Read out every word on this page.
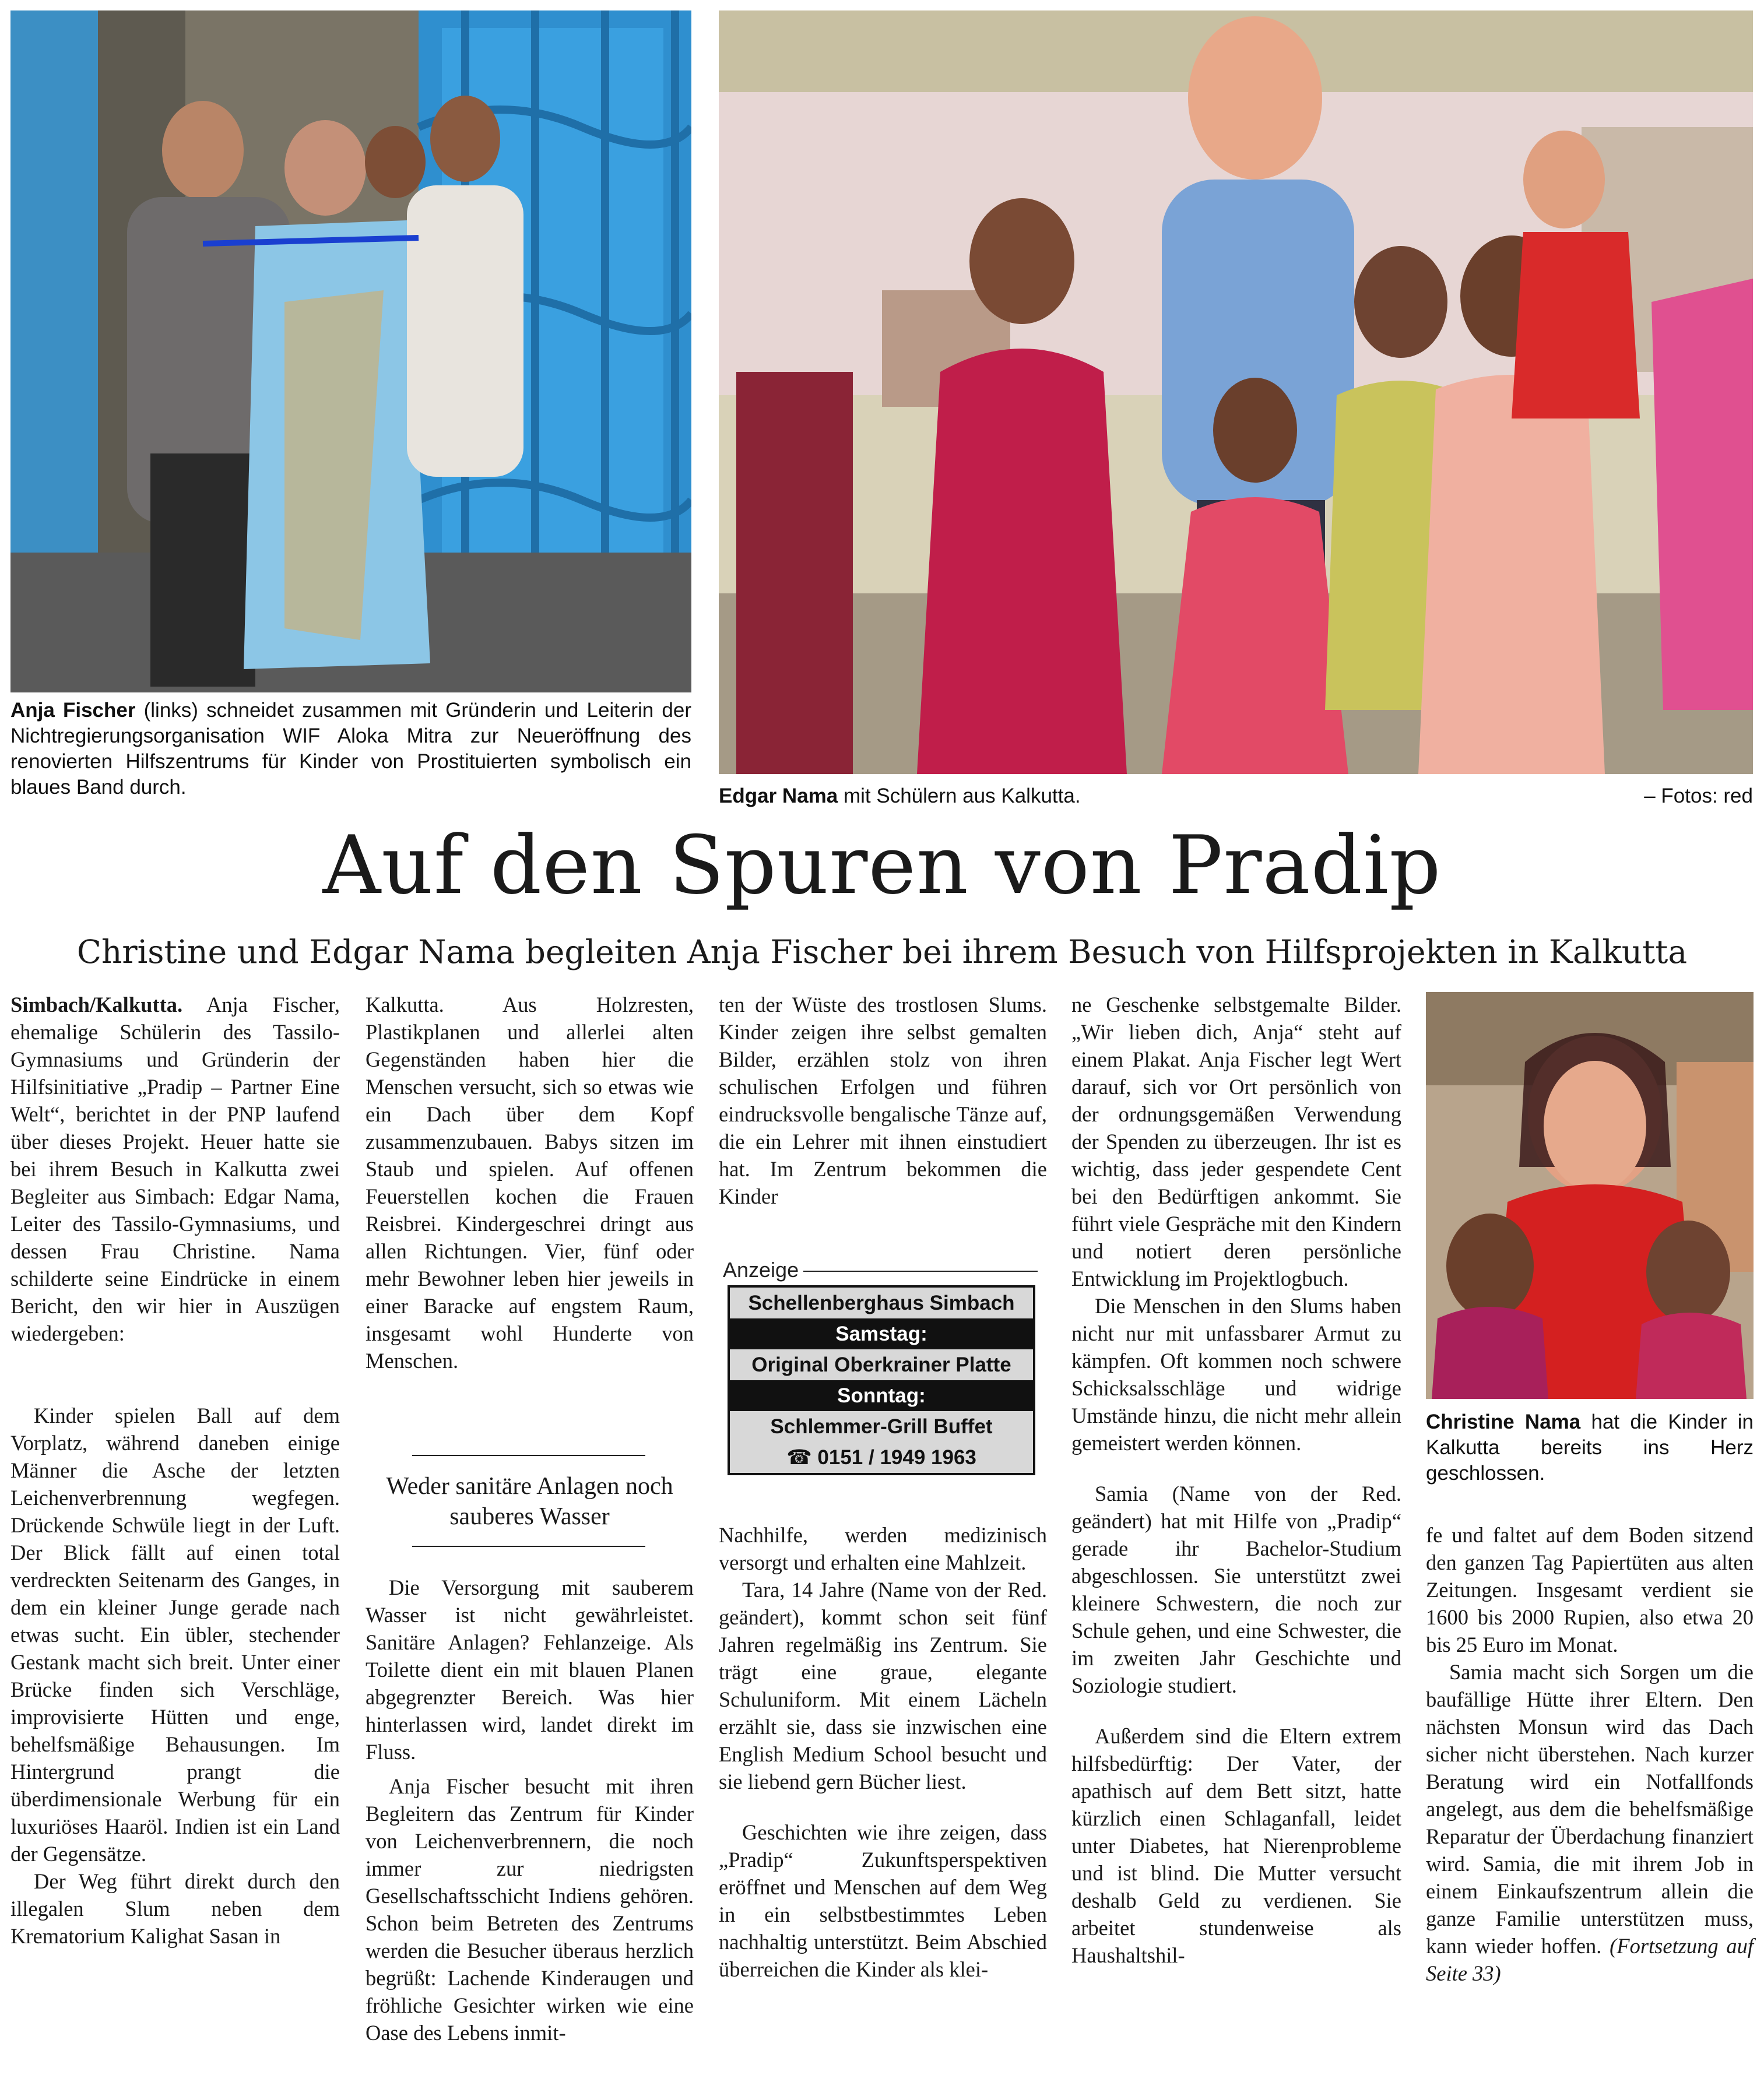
Anja Fischer (links) schneidet zusammen mit Gründerin und Leiterin der Nichtregierungsorganisation WIF Aloka Mitra zur Neueröffnung des renovierten Hilfszentrums für Kinder von Prostituierten symbolisch ein blaues Band durch.	Edgar Nama mit Schülern aus Kalkutta.	– Fotos: red
Auf den Spuren von Pradip
Christine und Edgar Nama begleiten Anja Fischer bei ihrem Besuch von Hilfsprojekten in Kalkutta

Simbach/Kalkutta. Anja Fischer, ehemalige Schülerin des Tassilo-Gymnasiums und Gründerin der Hilfsinitiative „Pradip – Partner Eine Welt“, berichtet in der PNP laufend über dieses Projekt. Heuer hatte sie bei ihrem Besuch in Kalkutta zwei Begleiter aus Simbach: Edgar Nama, Leiter des Tassilo-Gymnasiums, und dessen Frau Christine. Nama schilderte seine Eindrücke in einem Bericht, den wir hier in Auszügen wiedergeben:

Kinder spielen Ball auf dem Vorplatz, während daneben einige Männer die Asche der letzten Leichenverbrennung wegfegen. Drückende Schwüle liegt in der Luft. Der Blick fällt auf einen total verdreckten Seitenarm des Ganges, in dem ein kleiner Junge gerade nach etwas sucht. Ein übler, stechender Gestank macht sich breit. Unter einer Brücke finden sich Verschläge, improvisierte Hütten und enge, behelfsmäßige Behausungen. Im Hintergrund prangt die überdimensionale Werbung für ein luxuriöses Haaröl. Indien ist ein Land der Gegensätze.

Der Weg führt direkt durch den illegalen Slum neben dem Krematorium Kalighat Sasan in

Kalkutta. Aus Holzresten, Plastikplanen und allerlei alten Gegenständen haben hier die Menschen versucht, sich so etwas wie ein Dach über dem Kopf zusammenzubauen. Babys sitzen im Staub und spielen. Auf offenen Feuerstellen kochen die Frauen Reisbrei. Kindergeschrei dringt aus allen Richtungen. Vier, fünf oder mehr Bewohner leben hier jeweils in einer Baracke auf engstem Raum, insgesamt wohl Hunderte von Menschen.

Weder sanitäre Anlagen noch sauberes Wasser

Die Versorgung mit sauberem Wasser ist nicht gewährleistet. Sanitäre Anlagen? Fehlanzeige. Als Toilette dient ein mit blauen Planen abgegrenzter Bereich. Was hier hinterlassen wird, landet direkt im Fluss.

Anja Fischer besucht mit ihren Begleitern das Zentrum für Kinder von Leichenverbrennern, die noch immer zur niedrigsten Gesellschaftsschicht Indiens gehören. Schon beim Betreten des Zentrums werden die Besucher überaus herzlich begrüßt: Lachende Kinderaugen und fröhliche Gesichter wirken wie eine Oase des Lebens inmit-

ten der Wüste des trostlosen Slums. Kinder zeigen ihre selbst gemalten Bilder, erzählen stolz von ihren schulischen Erfolgen und führen eindrucksvolle bengalische Tänze auf, die ein Lehrer mit ihnen einstudiert hat. Im Zentrum bekommen die Kinder

Anzeige
Schellenberghaus Simbach
Samstag:
Original Oberkrainer Platte
Sonntag:
Schlemmer-Grill Buffet
☎ 0151 / 1949 1963

Nachhilfe, werden medizinisch versorgt und erhalten eine Mahlzeit.

Tara, 14 Jahre (Name von der Red. geändert), kommt schon seit fünf Jahren regelmäßig ins Zentrum. Sie trägt eine graue, elegante Schuluniform. Mit einem Lächeln erzählt sie, dass sie inzwischen eine English Medium School besucht und sie liebend gern Bücher liest.

Geschichten wie ihre zeigen, dass „Pradip“ Zukunftsperspektiven eröffnet und Menschen auf dem Weg in ein selbstbestimmtes Leben nachhaltig unterstützt. Beim Abschied überreichen die Kinder als klei-

ne Geschenke selbstgemalte Bilder. „Wir lieben dich, Anja“ steht auf einem Plakat. Anja Fischer legt Wert darauf, sich vor Ort persönlich von der ordnungsgemäßen Verwendung der Spenden zu überzeugen. Ihr ist es wichtig, dass jeder gespendete Cent bei den Bedürftigen ankommt. Sie führt viele Gespräche mit den Kindern und notiert deren persönliche Entwicklung im Projektlogbuch.

Die Menschen in den Slums haben nicht nur mit unfassbarer Armut zu kämpfen. Oft kommen noch schwere Schicksalsschläge und widrige Umstände hinzu, die nicht mehr allein gemeistert werden können.

Samia (Name von der Red. geändert) hat mit Hilfe von „Pradip“ gerade ihr Bachelor-Studium abgeschlossen. Sie unterstützt zwei kleinere Schwestern, die noch zur Schule gehen, und eine Schwester, die im zweiten Jahr Geschichte und Soziologie studiert.

Außerdem sind die Eltern extrem hilfsbedürftig: Der Vater, der apathisch auf dem Bett sitzt, hatte kürzlich einen Schlaganfall, leidet unter Diabetes, hat Nierenprobleme und ist blind. Die Mutter versucht deshalb Geld zu verdienen. Sie arbeitet stundenweise als Haushaltshil-

Christine Nama hat die Kinder in Kalkutta bereits ins Herz geschlossen.

fe und faltet auf dem Boden sitzend den ganzen Tag Papiertüten aus alten Zeitungen. Insgesamt verdient sie 1600 bis 2000 Rupien, also etwa 20 bis 25 Euro im Monat.

Samia macht sich Sorgen um die baufällige Hütte ihrer Eltern. Den nächsten Monsun wird das Dach sicher nicht überstehen. Nach kurzer Beratung wird ein Notfallfonds angelegt, aus dem die behelfsmäßige Reparatur der Überdachung finanziert wird. Samia, die mit ihrem Job in einem Einkaufszentrum allein die ganze Familie unterstützen muss, kann wieder hoffen. (Fortsetzung auf Seite 33)
